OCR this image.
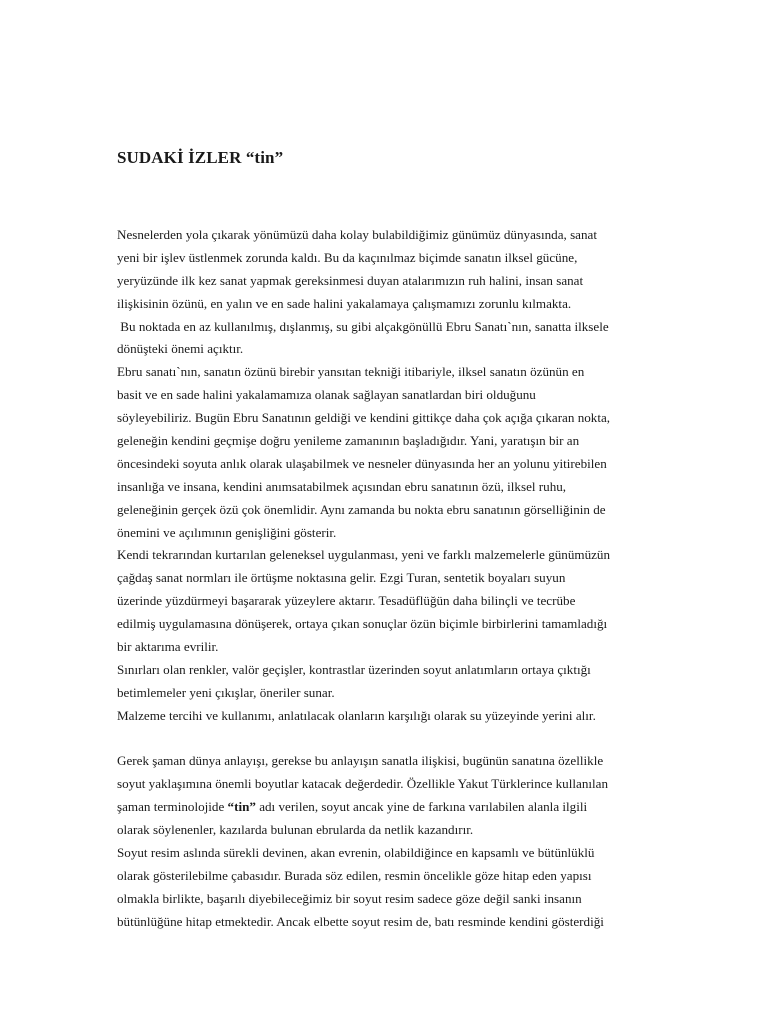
SUDAKİ İZLER “tin”
Nesnelerden yola çıkarak yönümüzü daha kolay bulabildiğimiz günümüz dünyasında, sanat
yeni bir işlev üstlenmek zorunda kaldı. Bu da kaçınılmaz biçimde sanatın ilksel gücüne,
yeryüzünde ilk kez sanat yapmak gereksinmesi duyan atalarımızın ruh halini, insan sanat
ilişkisinin özünü, en yalın ve en sade halini yakalamaya çalışmamızı zorunlu kılmakta.
Bu noktada en az kullanılmış, dışlanmış, su gibi alçakgönüllü Ebru Sanatı`nın, sanatta ilksele
dönüşteki önemi açıktır.
Ebru sanatı`nın, sanatın özünü birebir yansıtan tekniği itibariyle, ilksel sanatın özünün en
basit ve en sade halini yakalamamıza olanak sağlayan sanatlardan biri olduğunu
söyleyebiliriz. Bugün Ebru Sanatının geldiği ve kendini gittikçe daha çok açığa çıkaran nokta,
geleneğin kendini geçmişe doğru yenileme zamanının başladığıdır. Yani, yaratışın bir an
öncesindeki soyuta anlık olarak ulaşabilmek ve nesneler dünyasında her an yolunu yitirebilen
insanlığa ve insana, kendini anımsatabilmek açısından ebru sanatının özü, ilksel ruhu,
geleneğinin gerçek özü çok önemlidir. Aynı zamanda bu nokta ebru sanatının görselliğinin de
önemini ve açılımının genişliğini gösterir.
Kendi tekrarından kurtarılan geleneksel uygulanması, yeni ve farklı malzemelerle günümüzün
çağdaş sanat normları ile örtüşme noktasına gelir. Ezgi Turan, sentetik boyaları suyun
üzerinde yüzdürmeyi başararak yüzeylere aktarır. Tesadüflüğün daha bilinçli ve tecrübe
edilmiş uygulamasına dönüşerek, ortaya çıkan sonuçlar özün biçimle birbirlerini tamamladığı
bir aktarıma evrilir.
Sınırları olan renkler, valör geçişler, kontrastlar üzerinden soyut anlatımların ortaya çıktığı
betimlemeler yeni çıkışlar, öneriler sunar.
Malzeme tercihi ve kullanımı, anlatılacak olanların karşılığı olarak su yüzeyinde yerini alır.
Gerek şaman dünya anlayışı, gerekse bu anlayışın sanatla ilişkisi, bugünün sanatına özellikle
soyut yaklaşımına önemli boyutlar katacak değerdedir. Özellikle Yakut Türklerince kullanılan
şaman terminolojide “tin” adı verilen, soyut ancak yine de farkına varılabilen alanla ilgili
olarak söylenenler, kazılarda bulunan ebrularda da netlik kazandırır.
Soyut resim aslında sürekli devinen, akan evrenin, olabildiğince en kapsamlı ve bütünlüklü
olarak gösterilebilme çabasıdır. Burada söz edilen, resmin öncelikle göze hitap eden yapısı
olmakla birlikte, başarılı diyebileceğimiz bir soyut resim sadece göze değil sanki insanın
bütünlüğüne hitap etmektedir. Ancak elbette soyut resim de, batı resminde kendini gösterdiği
